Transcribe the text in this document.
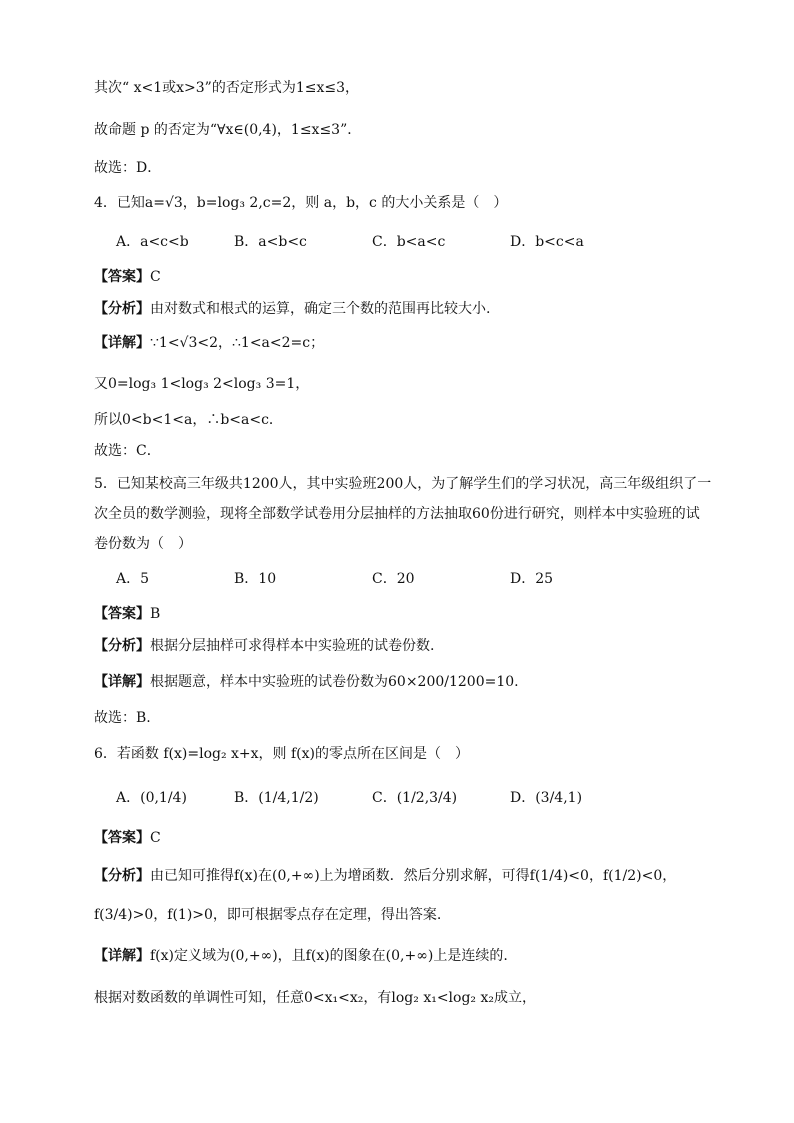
其次“ x<1或x>3”的否定形式为1≤x≤3，
故命题 p 的否定为“∀x∈(0,4)，1≤x≤3”．
故选：D．
4．已知a=√3，b=log₃ 2,c=2，则 a，b，c 的大小关系是（　）
A．a<c<b	B．a<b<c	C．b<a<c	D．b<c<a
【答案】C
【分析】由对数式和根式的运算，确定三个数的范围再比较大小.
【详解】∵1<√3<2，∴1<a<2=c；
又0=log₃ 1<log₃ 2<log₃ 3=1，
所以0<b<1<a，∴b<a<c．
故选：C．
5．已知某校高三年级共1200人，其中实验班200人，为了解学生们的学习状况，高三年级组织了一
次全员的数学测验，现将全部数学试卷用分层抽样的方法抽取60份进行研究，则样本中实验班的试
卷份数为（　）
A．5	B．10	C．20	D．25
【答案】B
【分析】根据分层抽样可求得样本中实验班的试卷份数.
【详解】根据题意，样本中实验班的试卷份数为60×200/1200=10.
故选：B.
6．若函数 f(x)=log₂ x+x，则 f(x)的零点所在区间是（　）
A．(0,1/4)	B．(1/4,1/2)	C．(1/2,3/4)	D．(3/4,1)
【答案】C
【分析】由已知可推得f(x)在(0,+∞)上为增函数．然后分别求解，可得f(1/4)<0，f(1/2)<0，
f(3/4)>0，f(1)>0，即可根据零点存在定理，得出答案.
【详解】f(x)定义域为(0,+∞)，且f(x)的图象在(0,+∞)上是连续的.
根据对数函数的单调性可知，任意0<x₁<x₂，有log₂ x₁<log₂ x₂成立，
